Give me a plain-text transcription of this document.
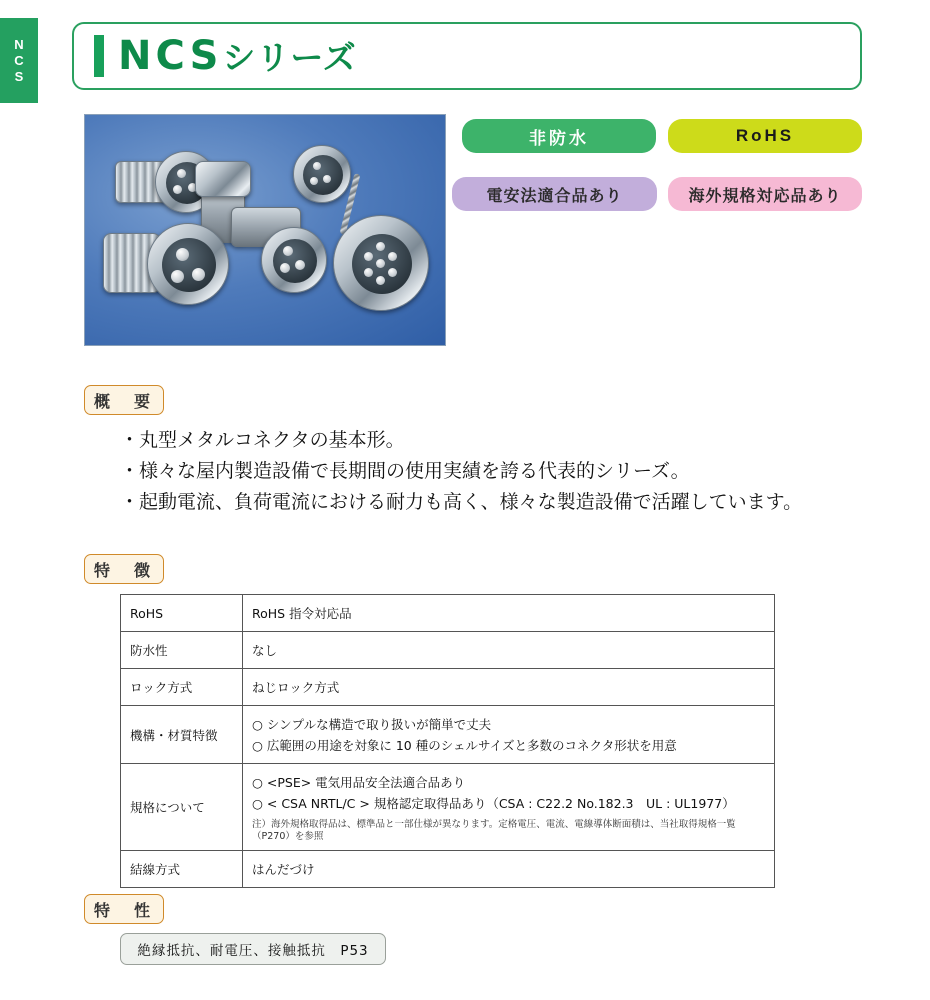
NCS NCSシリーズ
非防水	RoHS
電安法適合品あり	海外規格対応品あり
概　要
・丸型メタルコネクタの基本形。
・様々な屋内製造設備で長期間の使用実績を誇る代表的シリーズ。
・起動電流、負荷電流における耐力も高く、様々な製造設備で活躍しています。
特　徴
RoHS	RoHS 指令対応品

防水性	なし

ロック方式	ねじロック方式

機構・材質特徴	○ シンプルな構造で取り扱いが簡単で丈夫
○ 広範囲の用途を対象に 10 種のシェルサイズと多数のコネクタ形状を用意

規格について	○ <PSE> 電気用品安全法適合品あり
○ < CSA NRTL/C > 規格認定取得品あり（CSA : C22.2 No.182.3　UL : UL1977）
注）海外規格取得品は、標準品と一部仕様が異なります。定格電圧、電流、電線導体断面積は、当社取得規格一覧（P270）を参照

結線方式	はんだづけ
特　性
絶縁抵抗、耐電圧、接触抵抗　P53
